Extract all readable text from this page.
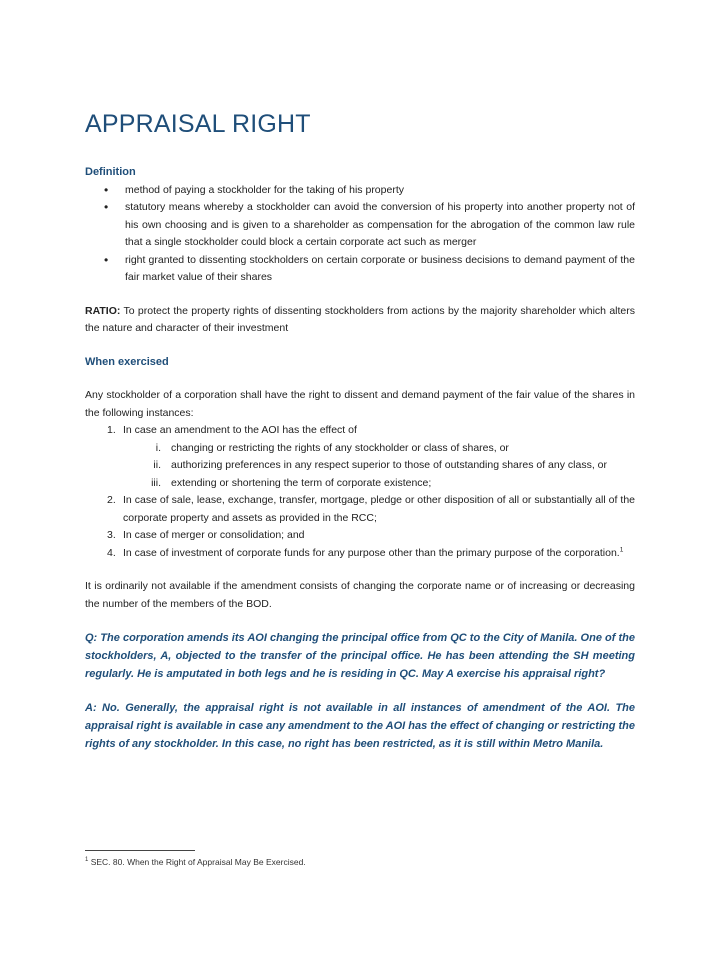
APPRAISAL RIGHT
Definition
• method of paying a stockholder for the taking of his property
• statutory means whereby a stockholder can avoid the conversion of his property into another property not of his own choosing and is given to a shareholder as compensation for the abrogation of the common law rule that a single stockholder could block a certain corporate act such as merger
• right granted to dissenting stockholders on certain corporate or business decisions to demand payment of the fair market value of their shares

RATIO: To protect the property rights of dissenting stockholders from actions by the majority shareholder which alters the nature and character of their investment

When exercised

Any stockholder of a corporation shall have the right to dissent and demand payment of the fair value of the shares in the following instances:

1. In case an amendment to the AOI has the effect of
i. changing or restricting the rights of any stockholder or class of shares, or
ii. authorizing preferences in any respect superior to those of outstanding shares of any class, or
iii. extending or shortening the term of corporate existence;
2. In case of sale, lease, exchange, transfer, mortgage, pledge or other disposition of all or substantially all of the corporate property and assets as provided in the RCC;
3. In case of merger or consolidation; and
4. In case of investment of corporate funds for any purpose other than the primary purpose of the corporation.$^1$

It is ordinarily not available if the amendment consists of changing the corporate name or of increasing or decreasing the number of the members of the BOD.

Q: The corporation amends its AOI changing the principal office from QC to the City of Manila. One of the stockholders, A, objected to the transfer of the principal office. He has been attending the SH meeting regularly. He is amputated in both legs and he is residing in QC. May A exercise his appraisal right?

A: No. Generally, the appraisal right is not available in all instances of amendment of the AOI. The appraisal right is available in case any amendment to the AOI has the effect of changing or restricting the rights of any stockholder. In this case, no right has been restricted, as it is still within Metro Manila.

$^1$ SEC. 80. When the Right of Appraisal May Be Exercised.
